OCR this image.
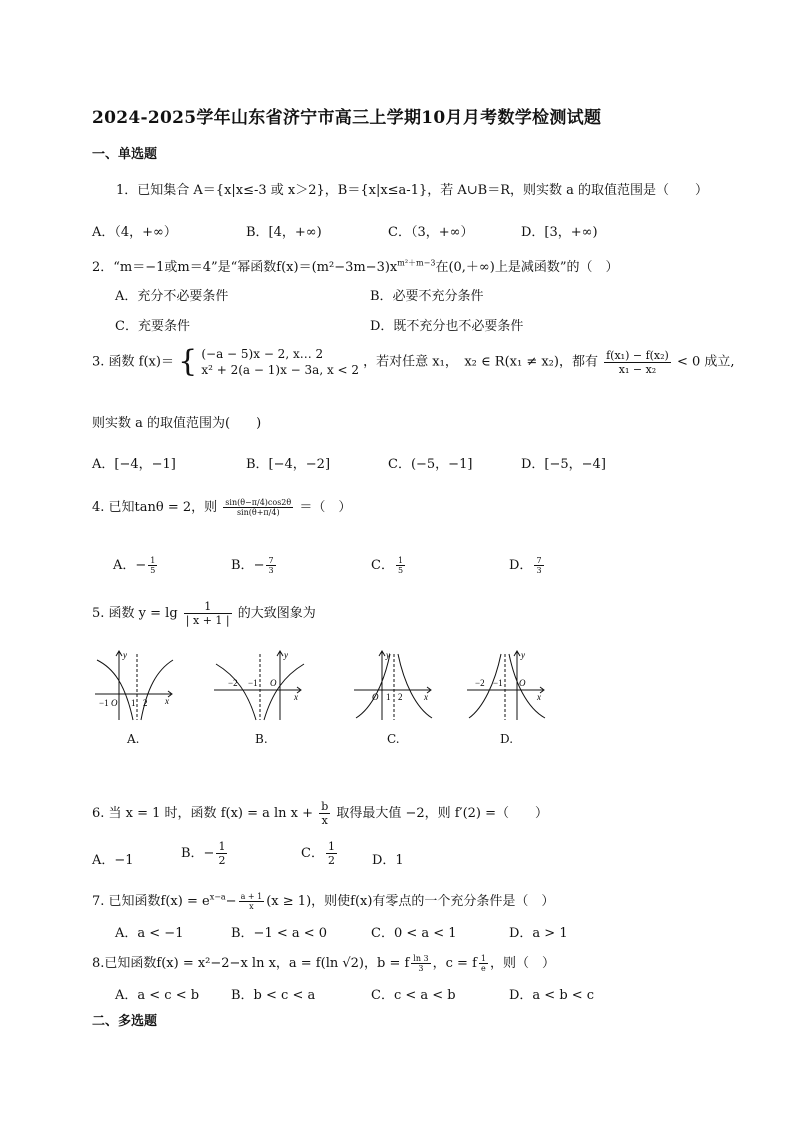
2024-2025学年山东省济宁市高三上学期10月月考数学检测试题
一、单选题
1．已知集合 A＝{x|x≤-3 或 x＞2}，B＝{x|x≤a-1}，若 A∪B＝R，则实数 a 的取值范围是（　　）
A．（4，+∞）	B．[4，+∞)	C．（3，+∞）	D．[3，+∞)
2．“m＝−1或m＝4”是“幂函数$f(x)=(m^2-3m-3)x^{m^2+m-3}$在(0,＋∞)上是减函数”的（　）
A．充分不必要条件	B．必要不充分条件
C．充要条件	D．既不充分也不必要条件
3. 函数 f(x)＝ { (−a − 5)x − 2, x… 2
x² + 2(a − 1)x − 3a, x < 2
，若对任意 x₁，　x₂ ∈ R(x₁ ≠ x₂)，都有 $\frac{\text{f(x₁) − f(x₂)}}{\text{x₁ − x₂}} < 0$ 成立,
则实数 a 的取值范围为(　　)
A．[−4，−1]	B．[−4，−2]	C．(−5，−1]	D．[−5，−4]
4. 已知tanθ = 2，则 $\frac{\sin(\theta-\pi/4)\cos 2\theta}{\sin(\theta+\pi/4)}$ ＝（　）
A．− $\frac{1}{5}$	B．− $\frac{7}{3}$	C． $\frac{1}{5}$	D． $\frac{7}{3}$
5. 函数 $y = \lg \frac{1}{| x + 1 |}$ 的大致图象为
−1 O 1 2 x
y
A.
−2 −1 O
x
y
B.
O 1 2 x
y
C.
−2 −1 O
x
y
D.
6. 当 x = 1 时，函数 f(x) = a $\ln x + \frac{b}{x}$ 取得最大值 −2，则 f′(2) =（　　）
A．−1	B．− $\frac{1}{2}$	C． $\frac{1}{2}$	D．1
7. 已知函数$f(x) = e^{x-a}- \frac{a + 1}{x} (x \ge 1)$，则使f(x)有零点的一个充分条件是（　）
A．a < −1	B．−1 < a < 0	C．0 < a < 1	D．a > 1
8.已知函数f(x) = x²−2−x ln x，a = f(ln √2)，b = f $\frac{\ln 3}{3}$ ，c = f $\frac{1}{e}$ ，则（　）
A．a < c < b B．b < c < a	C．c < a < b	D．a < b < c
二、多选题
